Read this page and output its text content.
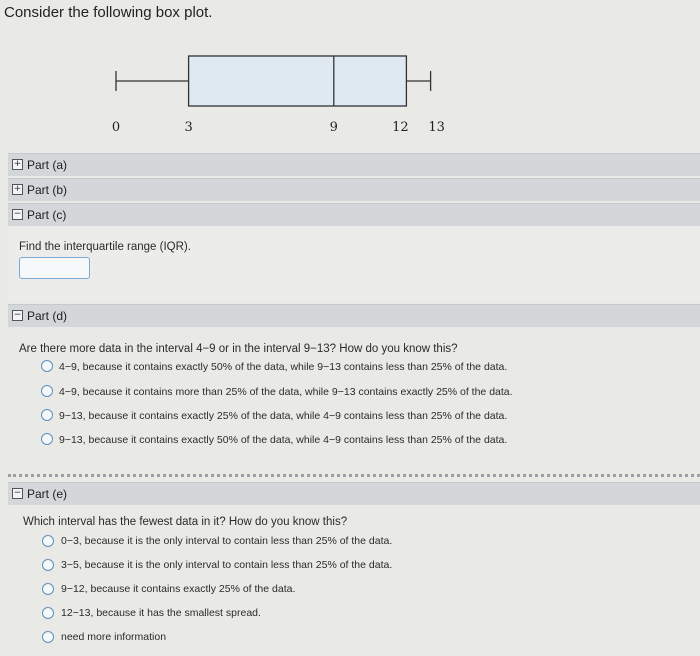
Consider the following box plot.
0	3	9	12 13
+ Part (a)
+ Part (b)
− Part (c)
Find the interquartile range (IQR).
− Part (d)
Are there more data in the interval 4−9 or in the interval 9−13? How do you know this?
4−9, because it contains exactly 50% of the data, while 9−13 contains less than 25% of the data.
4−9, because it contains more than 25% of the data, while 9−13 contains exactly 25% of the data.
9−13, because it contains exactly 25% of the data, while 4−9 contains less than 25% of the data.
9−13, because it contains exactly 50% of the data, while 4−9 contains less than 25% of the data.
− Part (e)
Which interval has the fewest data in it? How do you know this?
0−3, because it is the only interval to contain less than 25% of the data.
3−5, because it is the only interval to contain less than 25% of the data.
9−12, because it contains exactly 25% of the data.
12−13, because it has the smallest spread.
need more information
